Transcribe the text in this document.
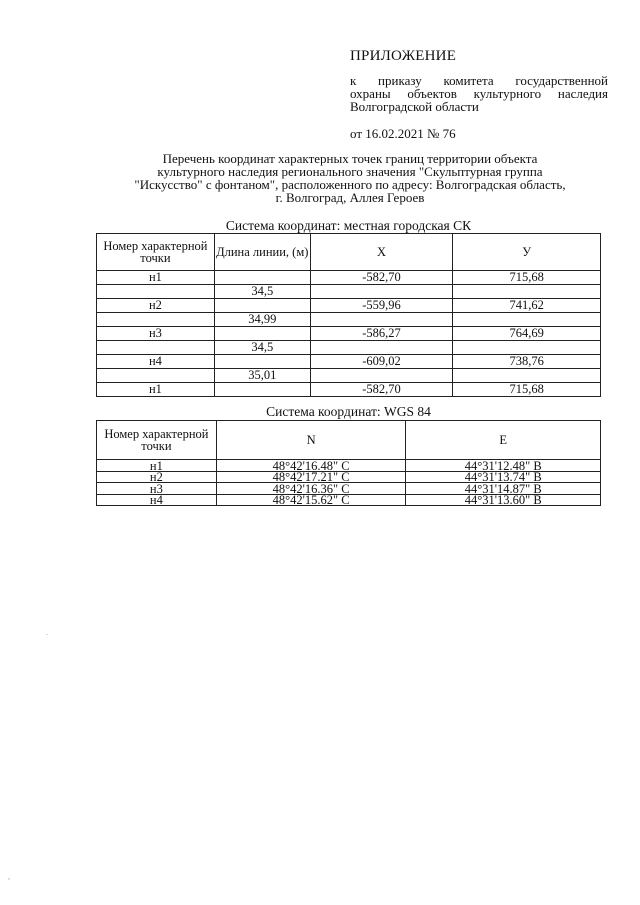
ПРИЛОЖЕНИЕ
к приказу комитета государственной
охраны объектов культурного наследия
Волгоградской области
от 16.02.2021 № 76
Перечень координат характерных точек границ территории объекта
культурного наследия регионального значения "Скульптурная группа
"Искусство" с фонтаном", расположенного по адресу: Волгоградская область,
г. Волгоград, Аллея Героев
Система координат: местная городская СК
Номер характерной точки	Длина линии, (м)	X	У
н1		-582,70	715,68
	34,5		
н2		-559,96	741,62
	34,99		
н3		-586,27	764,69
	34,5		
н4		-609,02	738,76
	35,01		
н1		-582,70	715,68
Система координат: WGS 84
Номер характерной точки	N	E
н1	48°42'16.48" С	44°31'12.48" В
н2	48°42'17.21" С	44°31'13.74" В
н3	48°42'16.36" С	44°31'14.87" В
н4	48°42'15.62" С	44°31'13.60" В
.
,
